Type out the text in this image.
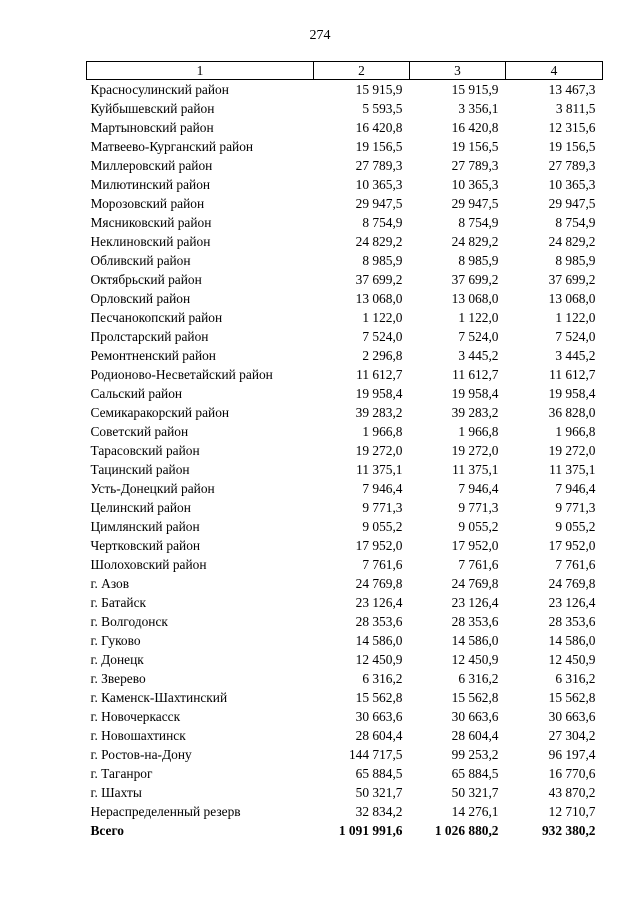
274
1	2	3	4
Красносулинский район	15 915,9	15 915,9	13 467,3
Куйбышевский район	5 593,5	3 356,1	3 811,5
Мартыновский район	16 420,8	16 420,8	12 315,6
Матвеево-Курганский район	19 156,5	19 156,5	19 156,5
Миллеровский район	27 789,3	27 789,3	27 789,3
Милютинский район	10 365,3	10 365,3	10 365,3
Морозовский район	29 947,5	29 947,5	29 947,5
Мясниковский район	8 754,9	8 754,9	8 754,9
Неклиновский район	24 829,2	24 829,2	24 829,2
Обливский район	8 985,9	8 985,9	8 985,9
Октябрьский район	37 699,2	37 699,2	37 699,2
Орловский район	13 068,0	13 068,0	13 068,0
Песчанокопский район	1 122,0	1 122,0	1 122,0
Пролстарский район	7 524,0	7 524,0	7 524,0
Ремонтненский район	2 296,8	3 445,2	3 445,2
Родионово-Несветайский район	11 612,7	11 612,7	11 612,7
Сальский район	19 958,4	19 958,4	19 958,4
Семикаракорский район	39 283,2	39 283,2	36 828,0
Советский район	1 966,8	1 966,8	1 966,8
Тарасовский район	19 272,0	19 272,0	19 272,0
Тацинский район	11 375,1	11 375,1	11 375,1
Усть-Донецкий район	7 946,4	7 946,4	7 946,4
Целинский район	9 771,3	9 771,3	9 771,3
Цимлянский район	9 055,2	9 055,2	9 055,2
Чертковский район	17 952,0	17 952,0	17 952,0
Шолоховский район	7 761,6	7 761,6	7 761,6
г. Азов	24 769,8	24 769,8	24 769,8
г. Батайск	23 126,4	23 126,4	23 126,4
г. Волгодонск	28 353,6	28 353,6	28 353,6
г. Гуково	14 586,0	14 586,0	14 586,0
г. Донецк	12 450,9	12 450,9	12 450,9
г. Зверево	6 316,2	6 316,2	6 316,2
г. Каменск-Шахтинский	15 562,8	15 562,8	15 562,8
г. Новочеркасск	30 663,6	30 663,6	30 663,6
г. Новошахтинск	28 604,4	28 604,4	27 304,2
г. Ростов-на-Дону	144 717,5	99 253,2	96 197,4
г. Таганрог	65 884,5	65 884,5	16 770,6
г. Шахты	50 321,7	50 321,7	43 870,2
Нераспределенный резерв	32 834,2	14 276,1	12 710,7
Всего	1 091 991,6	1 026 880,2	932 380,2
